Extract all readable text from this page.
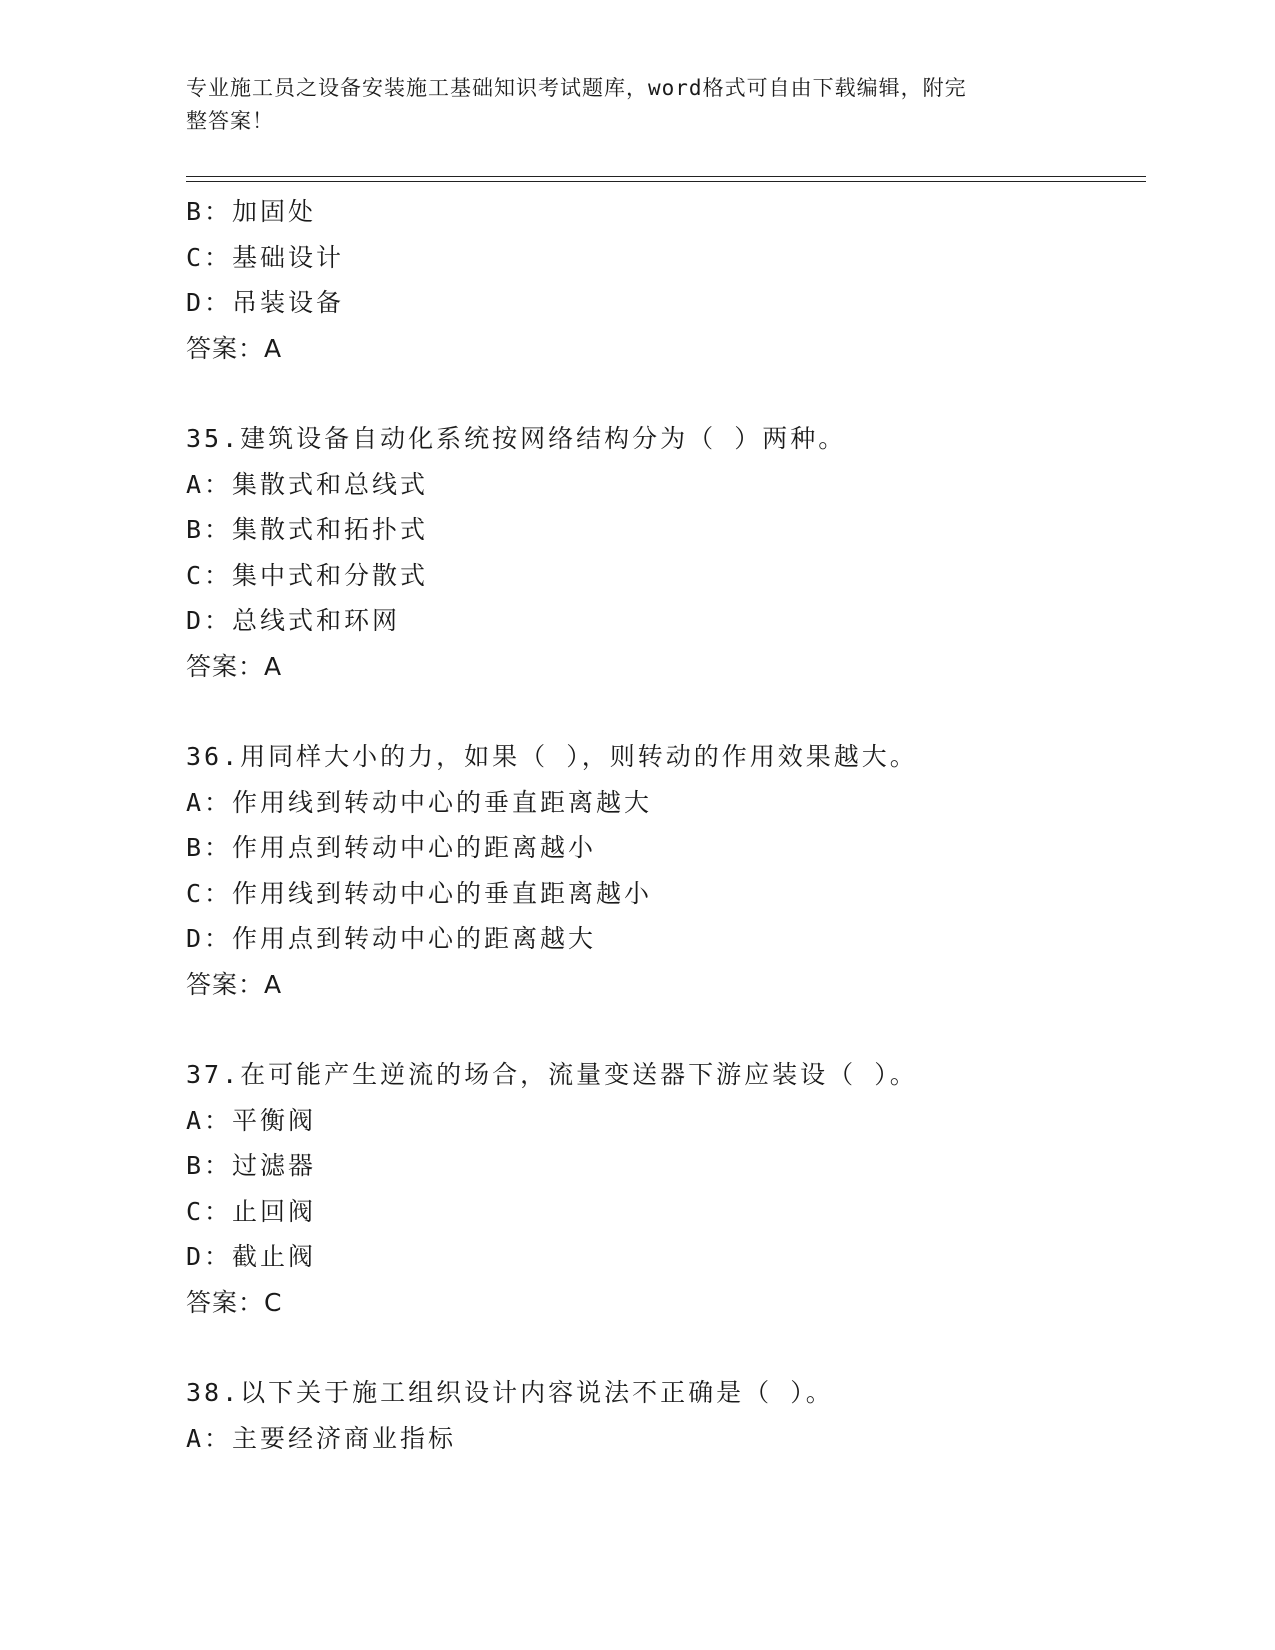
专业施工员之设备安装施工基础知识考试题库，word格式可自由下载编辑，附完
整答案！
B：加固处
C：基础设计
D：吊装设备
答案：A
35.建筑设备自动化系统按网络结构分为（ ）两种。
A：集散式和总线式
B：集散式和拓扑式
C：集中式和分散式
D：总线式和环网
答案：A
36.用同样大小的力，如果（ ），则转动的作用效果越大。
A：作用线到转动中心的垂直距离越大
B：作用点到转动中心的距离越小
C：作用线到转动中心的垂直距离越小
D：作用点到转动中心的距离越大
答案：A
37.在可能产生逆流的场合，流量变送器下游应装设（ ）。
A：平衡阀
B：过滤器
C：止回阀
D：截止阀
答案：C
38.以下关于施工组织设计内容说法不正确是（ ）。
A：主要经济商业指标
